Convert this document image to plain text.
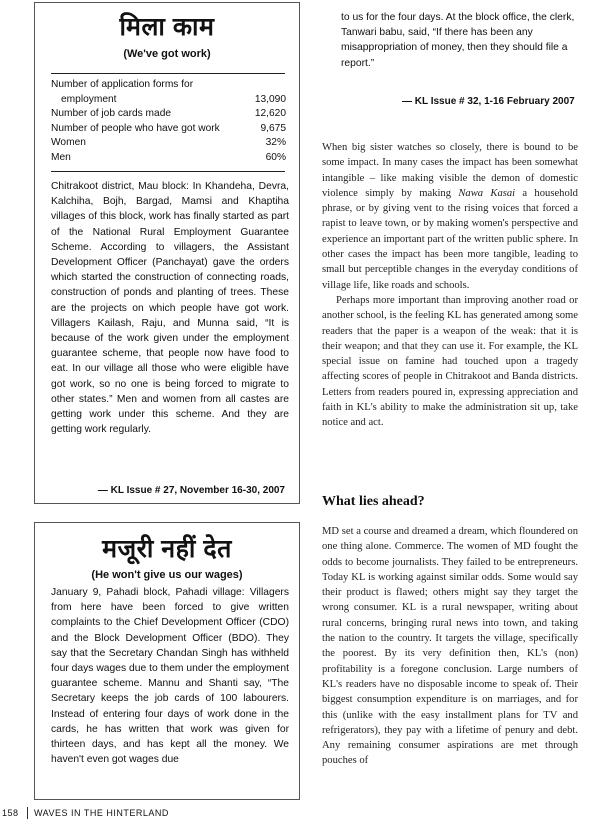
मिला काम
(We've got work)
Number of application forms for	
employment	13,090
Number of job cards made	12,620
Number of people who have got work	9,675
Women	32%
Men	60%
Chitrakoot district, Mau block: In Khandeha, Devra, Kalchiha, Bojh, Bargad, Mamsi and Khaptiha villages of this block, work has finally started as part of the National Rural Employment Guarantee Scheme. According to villagers, the Assistant Development Officer (Panchayat) gave the orders which started the construction of connecting roads, construction of ponds and planting of trees. These are the projects on which people have got work. Villagers Kailash, Raju, and Munna said, “It is because of the work given under the employment guarantee scheme, that people now have food to eat. In our village all those who were eligible have got work, so no one is being forced to migrate to other states.” Men and women from all castes are getting work under this scheme. And they are getting work regularly.
— KL Issue # 27, November 16-30, 2007
मजूरी नहीं देत
(He won't give us our wages)
January 9, Pahadi block, Pahadi village: Villagers from here have been forced to give written complaints to the Chief Development Officer (CDO) and the Block Development Officer (BDO). They say that the Secretary Chandan Singh has withheld four days wages due to them under the employment guarantee scheme. Mannu and Shanti say, “The Secretary keeps the job cards of 100 labourers. Instead of entering four days of work done in the cards, he has written that work was given for thirteen days, and has kept all the money. We haven't even got wages due
to us for the four days. At the block office, the clerk, Tanwari babu, said, “If there has been any misappropriation of money, then they should file a report.”
— KL Issue # 32, 1-16 February 2007

When big sister watches so closely, there is bound to be some impact. In many cases the impact has been somewhat intangible – like making visible the demon of domestic violence simply by making Nawa Kasai a household phrase, or by giving vent to the rising voices that forced a rapist to leave town, or by making women's perspective and experience an important part of the written public sphere. In other cases the impact has been more tangible, leading to small but perceptible changes in the everyday conditions of village life, like roads and schools.

Perhaps more important than improving another road or another school, is the feeling KL has generated among some readers that the paper is a weapon of the weak: that it is their weapon; and that they can use it. For example, the KL special issue on famine had touched upon a tragedy affecting scores of people in Chitrakoot and Banda districts. Letters from readers poured in, expressing appreciation and faith in KL's ability to make the administration sit up, take notice and act.

What lies ahead?

MD set a course and dreamed a dream, which floundered on one thing alone. Commerce. The women of MD fought the odds to become journalists. They failed to be entrepreneurs. Today KL is working against similar odds. Some would say their product is flawed; others might say they target the wrong consumer. KL is a rural newspaper, writing about rural concerns, bringing rural news into town, and taking the nation to the country. It targets the village, specifically the poorest. By its very definition then, KL's (non) profitability is a foregone conclusion. Large numbers of KL's readers have no disposable income to speak of. Their biggest consumption expenditure is on marriages, and for this (unlike with the easy installment plans for TV and refrigerators), they pay with a lifetime of penury and debt. Any remaining consumer aspirations are met through pouches of

158 WAVES IN THE HINTERLAND
